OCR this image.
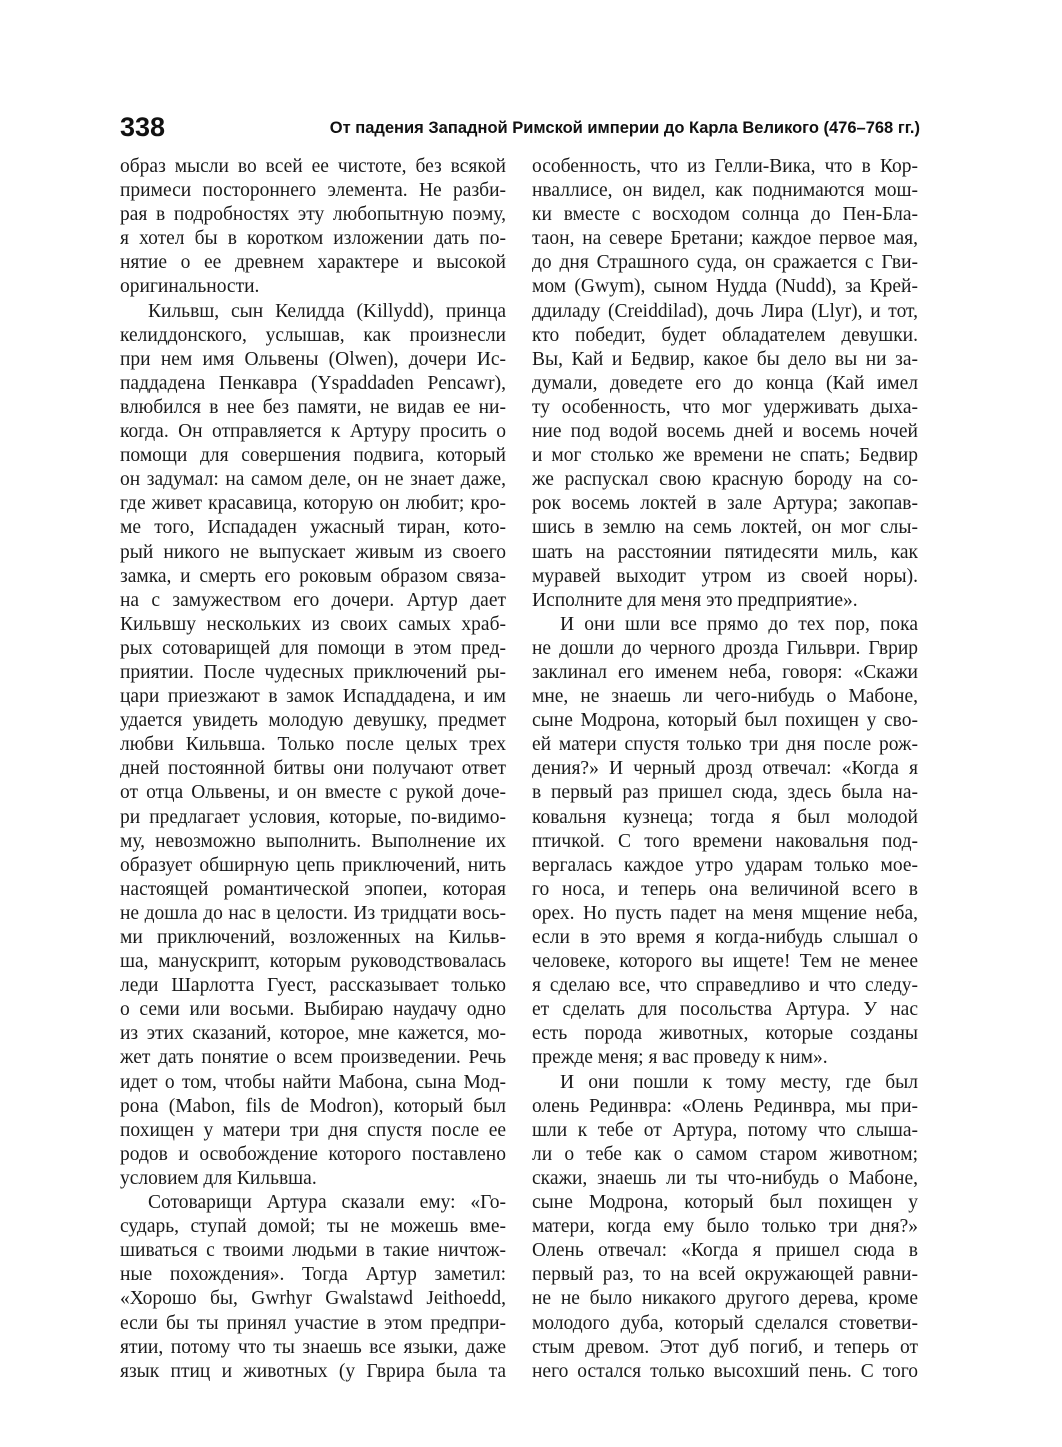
338	От падения Западной Римской империи до Карла Великого (476–768 гг.)
образ мысли во всей ее чистоте, без всякой
примеси постороннего элемента. Не разби-
рая в подробностях эту любопытную поэму,
я хотел бы в коротком изложении дать по-
нятие о ее древнем характере и высокой
оригинальности.
Кильвш, сын Келидда (Killydd), принца
келиддонского, услышав, как произнесли
при нем имя Ольвены (Olwen), дочери Ис-
паддадена Пенкавра (Yspaddaden Pencawr),
влюбился в нее без памяти, не видав ее ни-
когда. Он отправляется к Артуру просить о
помощи для совершения подвига, который
он задумал: на самом деле, он не знает даже,
где живет красавица, которую он любит; кро-
ме того, Испададен ужасный тиран, кото-
рый никого не выпускает живым из своего
замка, и смерть его роковым образом связа-
на с замужеством его дочери. Артур дает
Кильвшу нескольких из своих самых храб-
рых сотоварищей для помощи в этом пред-
приятии. После чудесных приключений ры-
цари приезжают в замок Испаддадена, и им
удается увидеть молодую девушку, предмет
любви Кильвша. Только после целых трех
дней постоянной битвы они получают ответ
от отца Ольвены, и он вместе с рукой доче-
ри предлагает условия, которые, по-видимо-
му, невозможно выполнить. Выполнение их
образует обширную цепь приключений, нить
настоящей романтической эпопеи, которая
не дошла до нас в целости. Из тридцати вось-
ми приключений, возложенных на Кильв-
ша, манускрипт, которым руководствовалась
леди Шарлотта Гуест, рассказывает только
о семи или восьми. Выбираю наудачу одно
из этих сказаний, которое, мне кажется, мо-
жет дать понятие о всем произведении. Речь
идет о том, чтобы найти Мабона, сына Мод-
рона (Mabon, fils de Modron), который был
похищен у матери три дня спустя после ее
родов и освобождение которого поставлено
условием для Кильвша.
Сотоварищи Артура сказали ему: «Го-
сударь, ступай домой; ты не можешь вме-
шиваться с твоими людьми в такие ничтож-
ные похождения». Тогда Артур заметил:
«Хорошо бы, Gwrhyr Gwalstawd Jeithoedd,
если бы ты принял участие в этом предпри-
ятии, потому что ты знаешь все языки, даже
язык птиц и животных (у Гврира была та
особенность, что из Гелли-Вика, что в Кор-
нваллисе, он видел, как поднимаются мош-
ки вместе с восходом солнца до Пен-Бла-
таон, на севере Бретани; каждое первое мая,
до дня Страшного суда, он сражается с Гви-
мом (Gwym), сыном Нудда (Nudd), за Крей-
ддиладу (Creiddilad), дочь Лира (Llyr), и тот,
кто победит, будет обладателем девушки.
Вы, Кай и Бедвир, какое бы дело вы ни за-
думали, доведете его до конца (Кай имел
ту особенность, что мог удерживать дыха-
ние под водой восемь дней и восемь ночей
и мог столько же времени не спать; Бедвир
же распускал свою красную бороду на со-
рок восемь локтей в зале Артура; закопав-
шись в землю на семь локтей, он мог слы-
шать на расстоянии пятидесяти миль, как
муравей выходит утром из своей норы).
Исполните для меня это предприятие».
И они шли все прямо до тех пор, пока
не дошли до черного дрозда Гильври. Гврир
заклинал его именем неба, говоря: «Скажи
мне, не знаешь ли чего-нибудь о Мабоне,
сыне Модрона, который был похищен у сво-
ей матери спустя только три дня после рож-
дения?» И черный дрозд отвечал: «Когда я
в первый раз пришел сюда, здесь была на-
ковальня кузнеца; тогда я был молодой
птичкой. С того времени наковальня под-
вергалась каждое утро ударам только мое-
го носа, и теперь она величиной всего в
орех. Но пусть падет на меня мщение неба,
если в это время я когда-нибудь слышал о
человеке, которого вы ищете! Тем не менее
я сделаю все, что справедливо и что следу-
ет сделать для посольства Артура. У нас
есть порода животных, которые созданы
прежде меня; я вас проведу к ним».
И они пошли к тому месту, где был
олень Рединвра: «Олень Рединвра, мы при-
шли к тебе от Артура, потому что слыша-
ли о тебе как о самом старом животном;
скажи, знаешь ли ты что-нибудь о Мабоне,
сыне Модрона, который был похищен у
матери, когда ему было только три дня?»
Олень отвечал: «Когда я пришел сюда в
первый раз, то на всей окружающей равни-
не не было никакого другого дерева, кроме
молодого дуба, который сделался стоветви-
стым древом. Этот дуб погиб, и теперь от
него остался только высохший пень. С того
